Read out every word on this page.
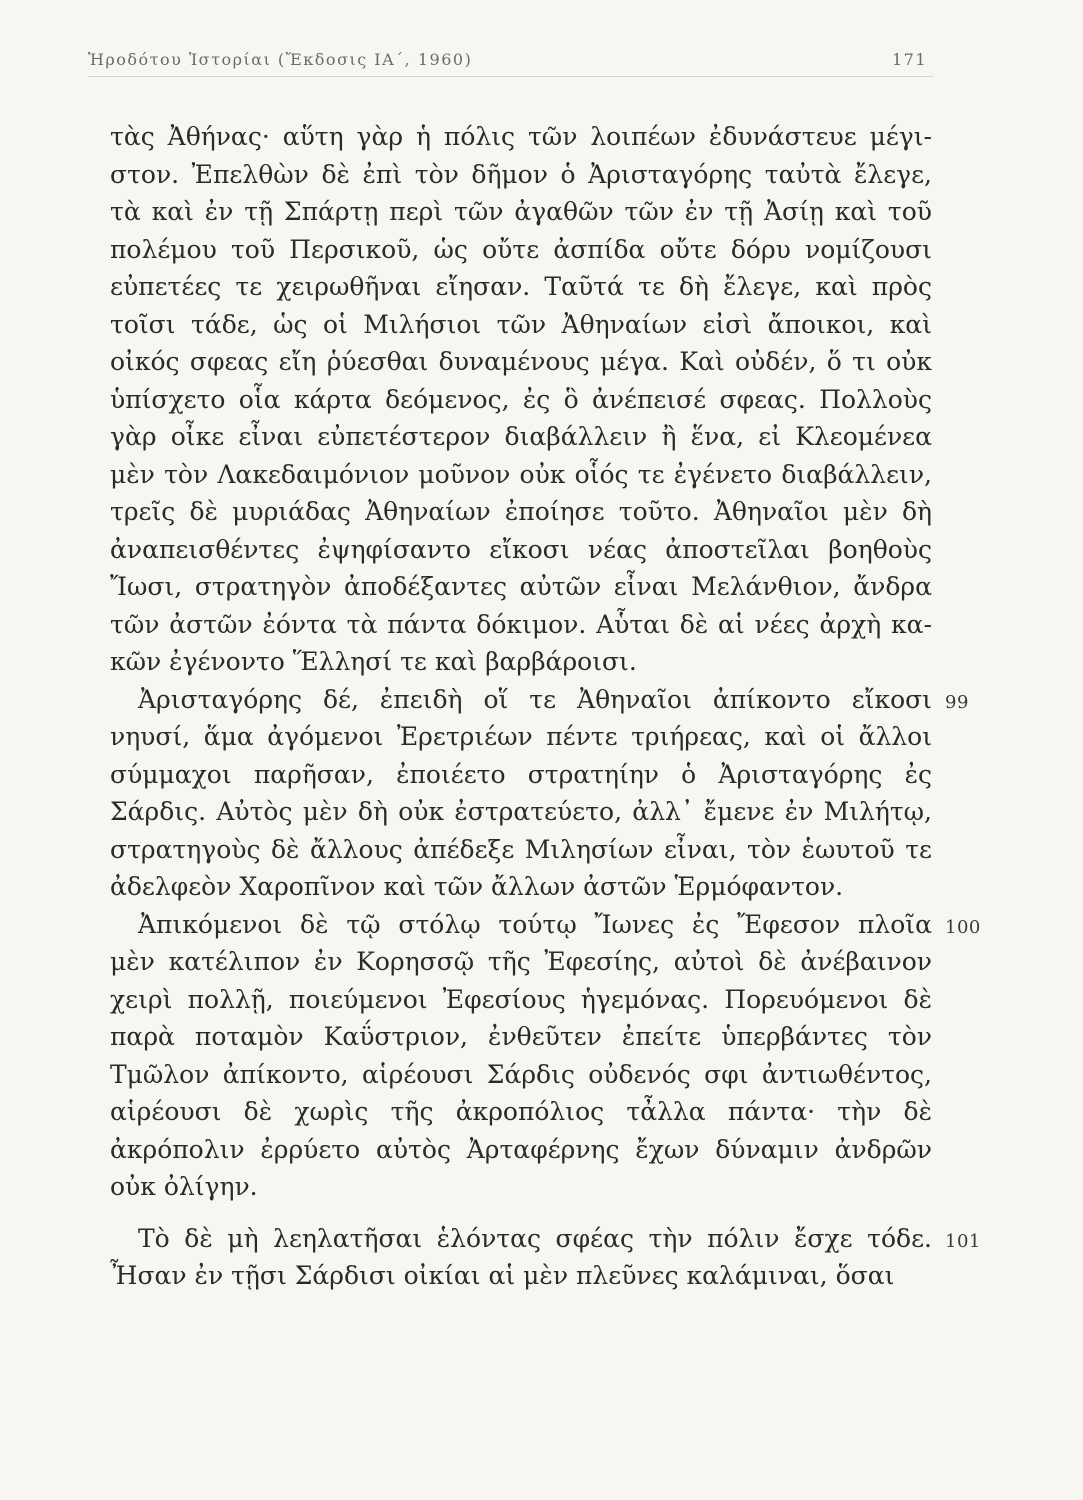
Ἡροδότου Ἱστορίαι (Ἔκδοσις ΙΑ΄, 1960)	171
τὰς Ἀθήνας· αὕτη γὰρ ἡ πόλις τῶν λοιπέων ἐδυνάστευε μέγι-
στον. Ἐπελθὼν δὲ ἐπὶ τὸν δῆμον ὁ Ἀρισταγόρης ταὐτὰ ἔλεγε,
τὰ καὶ ἐν τῇ Σπάρτῃ περὶ τῶν ἀγαθῶν τῶν ἐν τῇ Ἀσίῃ καὶ τοῦ
πολέμου τοῦ Περσικοῦ, ὡς οὔτε ἀσπίδα οὔτε δόρυ νομίζουσι
εὐπετέες τε χειρωθῆναι εἴησαν. Ταῦτά τε δὴ ἔλεγε, καὶ πρὸς
τοῖσι τάδε, ὡς οἱ Μιλήσιοι τῶν Ἀθηναίων εἰσὶ ἄποικοι, καὶ
οἰκός σφεας εἴη ῥύεσθαι δυναμένους μέγα. Καὶ οὐδέν, ὅ τι οὐκ
ὑπίσχετο οἷα κάρτα δεόμενος, ἐς ὃ ἀνέπεισέ σφεας. Πολλοὺς
γὰρ οἶκε εἶναι εὐπετέστερον διαβάλλειν ἢ ἕνα, εἰ Κλεομένεα
μὲν τὸν Λακεδαιμόνιον μοῦνον οὐκ οἷός τε ἐγένετο διαβάλλειν,
τρεῖς δὲ μυριάδας Ἀθηναίων ἐποίησε τοῦτο. Ἀθηναῖοι μὲν δὴ
ἀναπεισθέντες ἐψηφίσαντο εἴκοσι νέας ἀποστεῖλαι βοηθοὺς
Ἴωσι, στρατηγὸν ἀποδέξαντες αὐτῶν εἶναι Μελάνθιον, ἄνδρα
τῶν ἀστῶν ἐόντα τὰ πάντα δόκιμον. Αὗται δὲ αἱ νέες ἀρχὴ κα-
κῶν ἐγένοντο Ἕλλησί τε καὶ βαρβάροισι.
Ἀρισταγόρης δέ, ἐπειδὴ οἵ τε Ἀθηναῖοι ἀπίκοντο εἴκοσι 99
νηυσί, ἅμα ἀγόμενοι Ἐρετριέων πέντε τριήρεας, καὶ οἱ ἄλλοι
σύμμαχοι παρῆσαν, ἐποιέετο στρατηίην ὁ Ἀρισταγόρης ἐς
Σάρδις. Αὐτὸς μὲν δὴ οὐκ ἐστρατεύετο, ἀλλ᾽ ἔμενε ἐν Μιλήτῳ,
στρατηγοὺς δὲ ἄλλους ἀπέδεξε Μιλησίων εἶναι, τὸν ἑωυτοῦ τε
ἀδελφεὸν Χαροπῖνον καὶ τῶν ἄλλων ἀστῶν Ἑρμόφαντον.
Ἀπικόμενοι δὲ τῷ στόλῳ τούτῳ Ἴωνες ἐς Ἔφεσον πλοῖα 100
μὲν κατέλιπον ἐν Κορησσῷ τῆς Ἐφεσίης, αὐτοὶ δὲ ἀνέβαινον
χειρὶ πολλῇ, ποιεύμενοι Ἐφεσίους ἡγεμόνας. Πορευόμενοι δὲ
παρὰ ποταμὸν Καΰστριον, ἐνθεῦτεν ἐπείτε ὑπερβάντες τὸν
Τμῶλον ἀπίκοντο, αἱρέουσι Σάρδις οὐδενός σφι ἀντιωθέντος,
αἱρέουσι δὲ χωρὶς τῆς ἀκροπόλιος τἆλλα πάντα· τὴν δὲ
ἀκρόπολιν ἐρρύετο αὐτὸς Ἀρταφέρνης ἔχων δύναμιν ἀνδρῶν
οὐκ ὀλίγην.
Τὸ δὲ μὴ λεηλατῆσαι ἑλόντας σφέας τὴν πόλιν ἔσχε τόδε. 101
Ἦσαν ἐν τῇσι Σάρδισι οἰκίαι αἱ μὲν πλεῦνες καλάμιναι, ὅσαι
